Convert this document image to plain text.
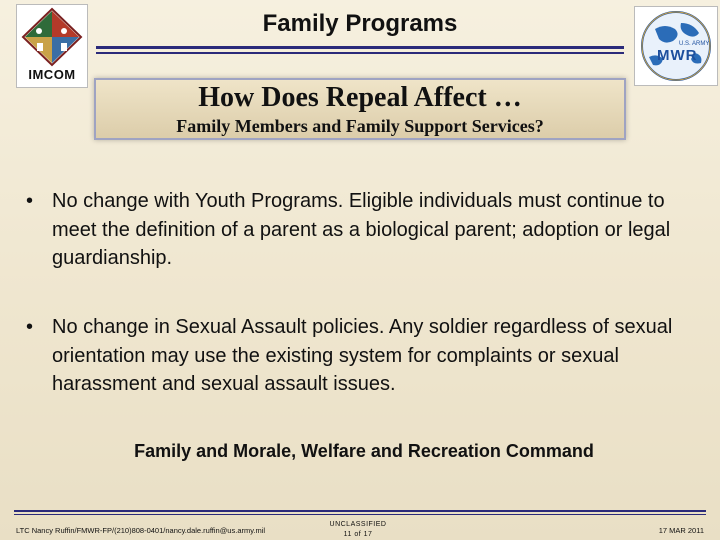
IMCOM
Family Programs
U.S. ARMY
MWR
How Does Repeal Affect …
Family Members and Family Support Services?
• No change with Youth Programs. Eligible individuals must continue to meet the definition of a parent as a biological parent; adoption or legal guardianship.
• No change in Sexual Assault policies. Any soldier regardless of sexual orientation may use the existing system for complaints or sexual harassment and sexual assault issues.
Family and Morale, Welfare and Recreation Command
LTC Nancy Ruffin/FMWR-FP/(210)808-0401/nancy.dale.ruffin@us.army.mil
UNCLASSIFIED
11 of 17	17 MAR 2011
